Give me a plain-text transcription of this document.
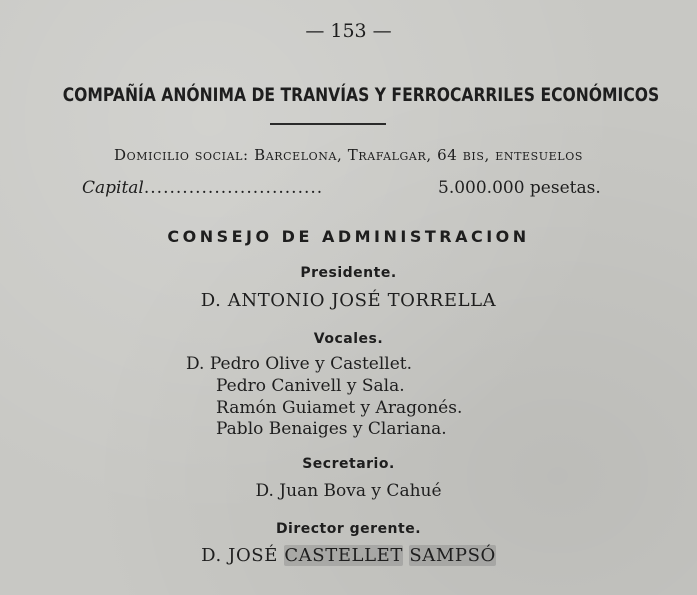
— 153 —
COMPAÑÍA ANÓNIMA DE TRANVÍAS Y FERROCARRILES ECONÓMICOS
Domicilio social: Barcelona, Trafalgar, 64 bis, entesuelos
Capital............................	5.000.000 pesetas.
CONSEJO DE ADMINISTRACION
Presidente.
D. ANTONIO JOSÉ TORRELLA
Vocales.
D. Pedro Olive y Castellet.
Pedro Canivell y Sala.
Ramón Guiamet y Aragonés.
Pablo Benaiges y Clariana.
Secretario.
D. Juan Bova y Cahué
Director gerente.
D. JOSÉ CASTELLET SAMPSÓ
